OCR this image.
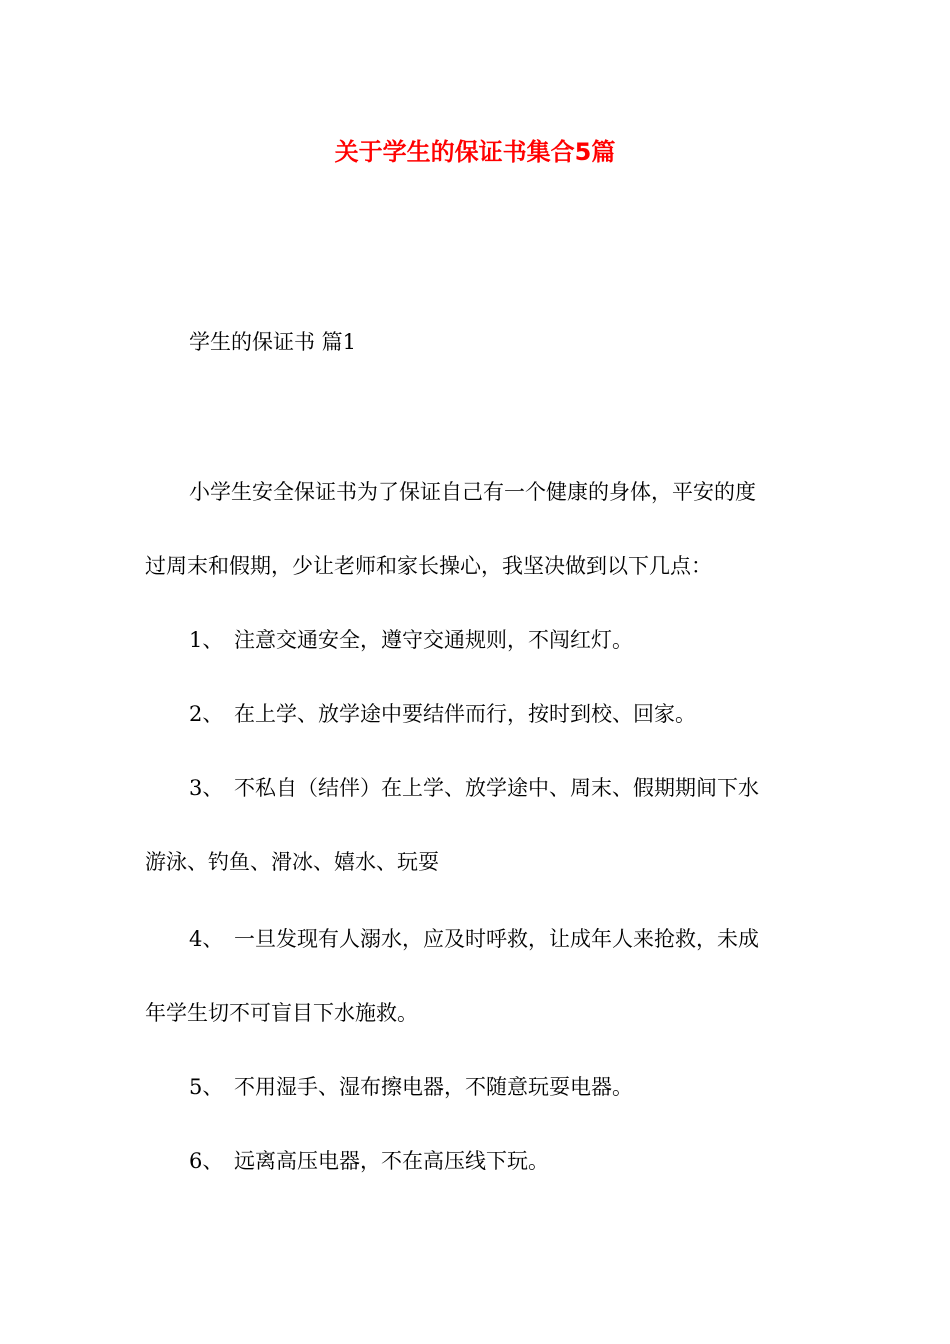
关于学生的保证书集合5篇

学生的保证书 篇1

小学生安全保证书为了保证自己有一个健康的身体，平安的度

过周末和假期，少让老师和家长操心，我坚决做到以下几点：

1、 注意交通安全，遵守交通规则，不闯红灯。

2、 在上学、放学途中要结伴而行，按时到校、回家。

3、 不私自（结伴）在上学、放学途中、周末、假期期间下水

游泳、钓鱼、滑冰、嬉水、玩耍

4、 一旦发现有人溺水，应及时呼救，让成年人来抢救，未成

年学生切不可盲目下水施救。

5、 不用湿手、湿布擦电器，不随意玩耍电器。

6、 远离高压电器，不在高压线下玩。
